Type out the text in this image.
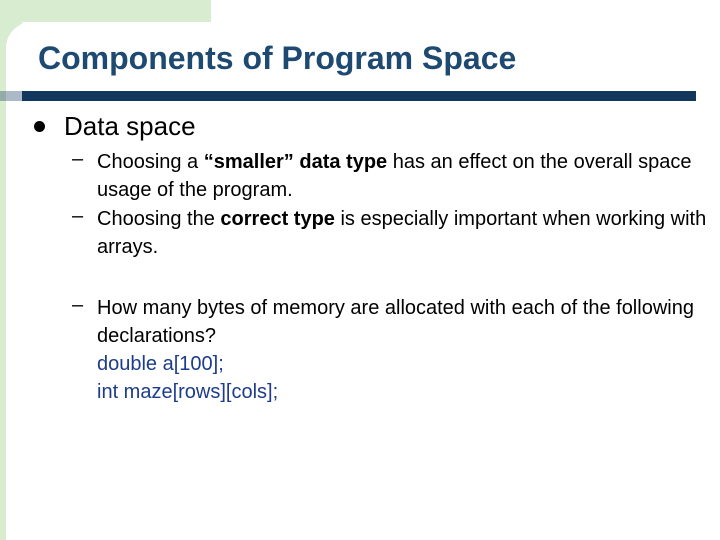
Components of Program Space
Data space
– Choosing a “smaller” data type has an effect on the overall space usage of the program.
– Choosing the correct type is especially important when working with arrays.
– How many bytes of memory are allocated with each of the following declarations?

double a[100];

int maze[rows][cols];
